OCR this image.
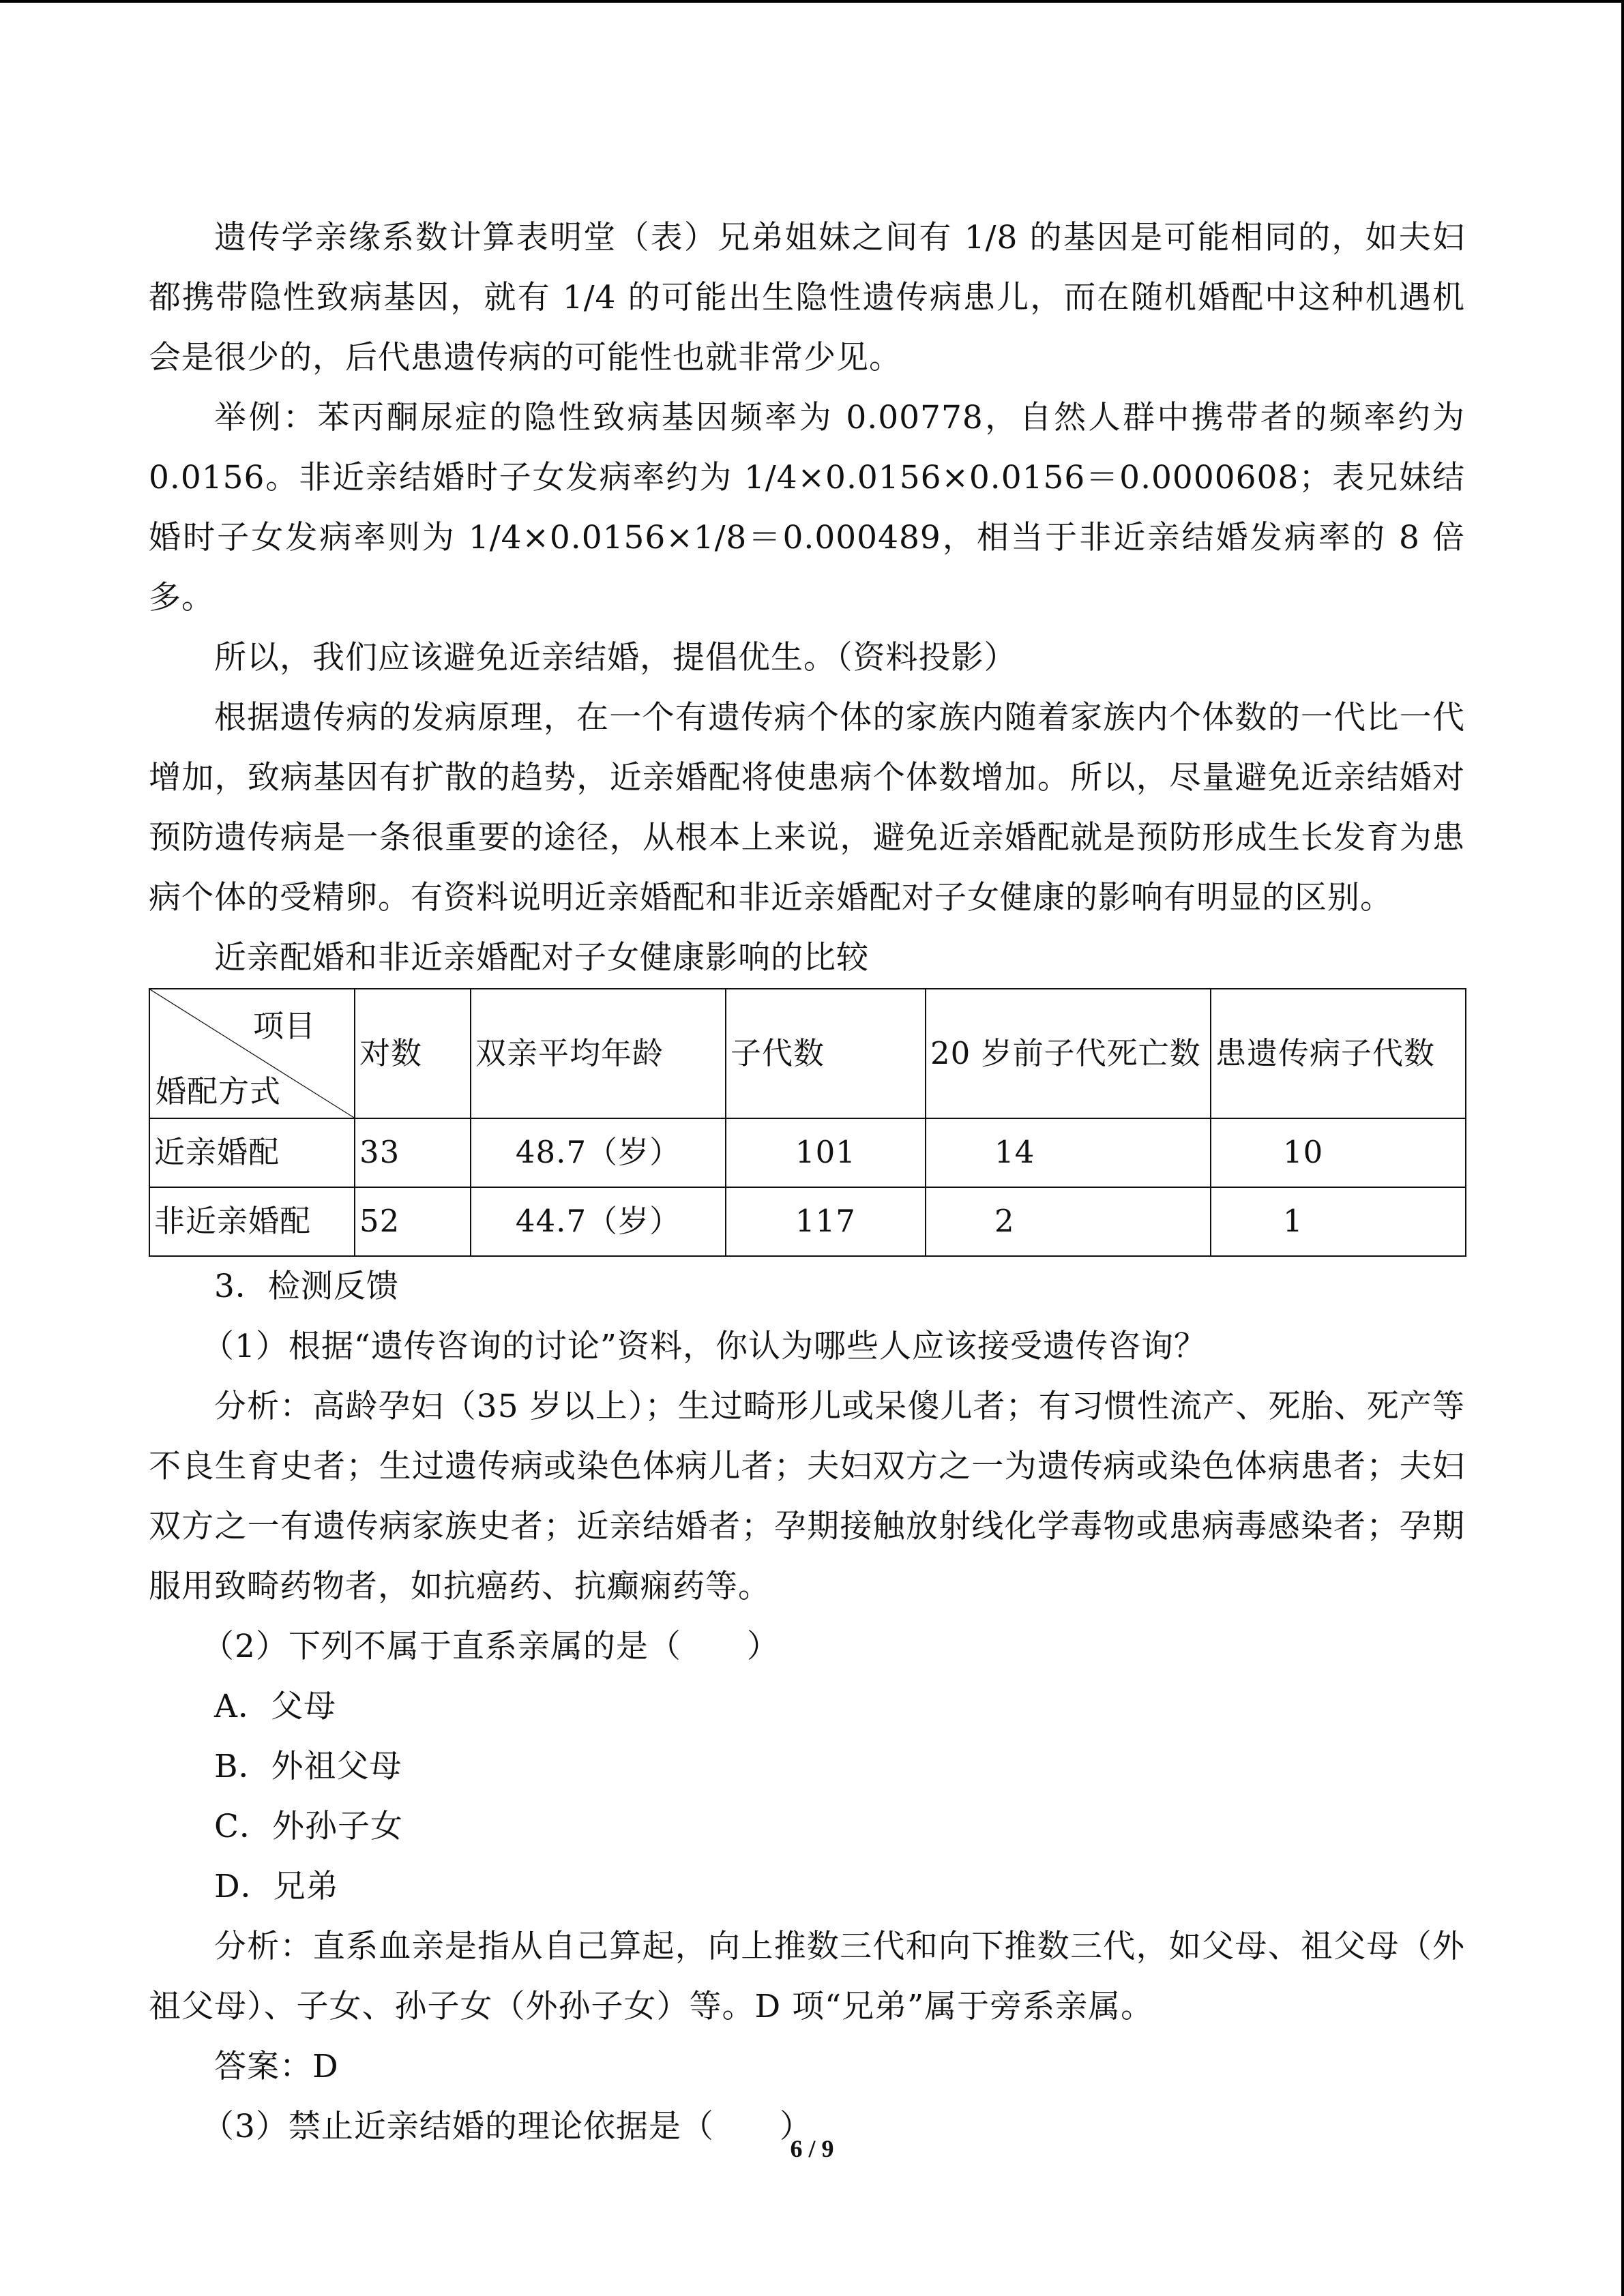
遗传学亲缘系数计算表明堂（表）兄弟姐妹之间有 1/8 的基因是可能相同的，如夫妇都携带隐性致病基因，就有 1/4 的可能出生隐性遗传病患儿，而在随机婚配中这种机遇机会是很少的，后代患遗传病的可能性也就非常少见。

举例：苯丙酮尿症的隐性致病基因频率为 0.00778，自然人群中携带者的频率约为 0.0156。非近亲结婚时子女发病率约为 1/4×0.0156×0.0156＝0.0000608；表兄妹结婚时子女发病率则为 1/4×0.0156×1/8＝0.000489，相当于非近亲结婚发病率的 8 倍多。

所以，我们应该避免近亲结婚，提倡优生。（资料投影）

根据遗传病的发病原理，在一个有遗传病个体的家族内随着家族内个体数的一代比一代增加，致病基因有扩散的趋势，近亲婚配将使患病个体数增加。所以，尽量避免近亲结婚对预防遗传病是一条很重要的途径，从根本上来说，避免近亲婚配就是预防形成生长发育为患病个体的受精卵。有资料说明近亲婚配和非近亲婚配对子女健康的影响有明显的区别。

近亲配婚和非近亲婚配对子女健康影响的比较

项目
婚配方式	对数	双亲平均年龄	子代数	20 岁前子代死亡数	患遗传病子代数
近亲婚配	33	48.7（岁）	101	14	10
非近亲婚配	52	44.7（岁）	117	2	1

3．检测反馈

（1）根据“遗传咨询的讨论”资料，你认为哪些人应该接受遗传咨询？

分析：高龄孕妇（35 岁以上）；生过畸形儿或呆傻儿者；有习惯性流产、死胎、死产等不良生育史者；生过遗传病或染色体病儿者；夫妇双方之一为遗传病或染色体病患者；夫妇双方之一有遗传病家族史者；近亲结婚者；孕期接触放射线化学毒物或患病毒感染者；孕期服用致畸药物者，如抗癌药、抗癫痫药等。

（2）下列不属于直系亲属的是（　　）

A．父母

B．外祖父母

C．外孙子女

D．兄弟

分析：直系血亲是指从自己算起，向上推数三代和向下推数三代，如父母、祖父母（外祖父母）、子女、孙子女（外孙子女）等。D 项“兄弟”属于旁系亲属。

答案：D

（3）禁止近亲结婚的理论依据是（　　）

6 / 9
